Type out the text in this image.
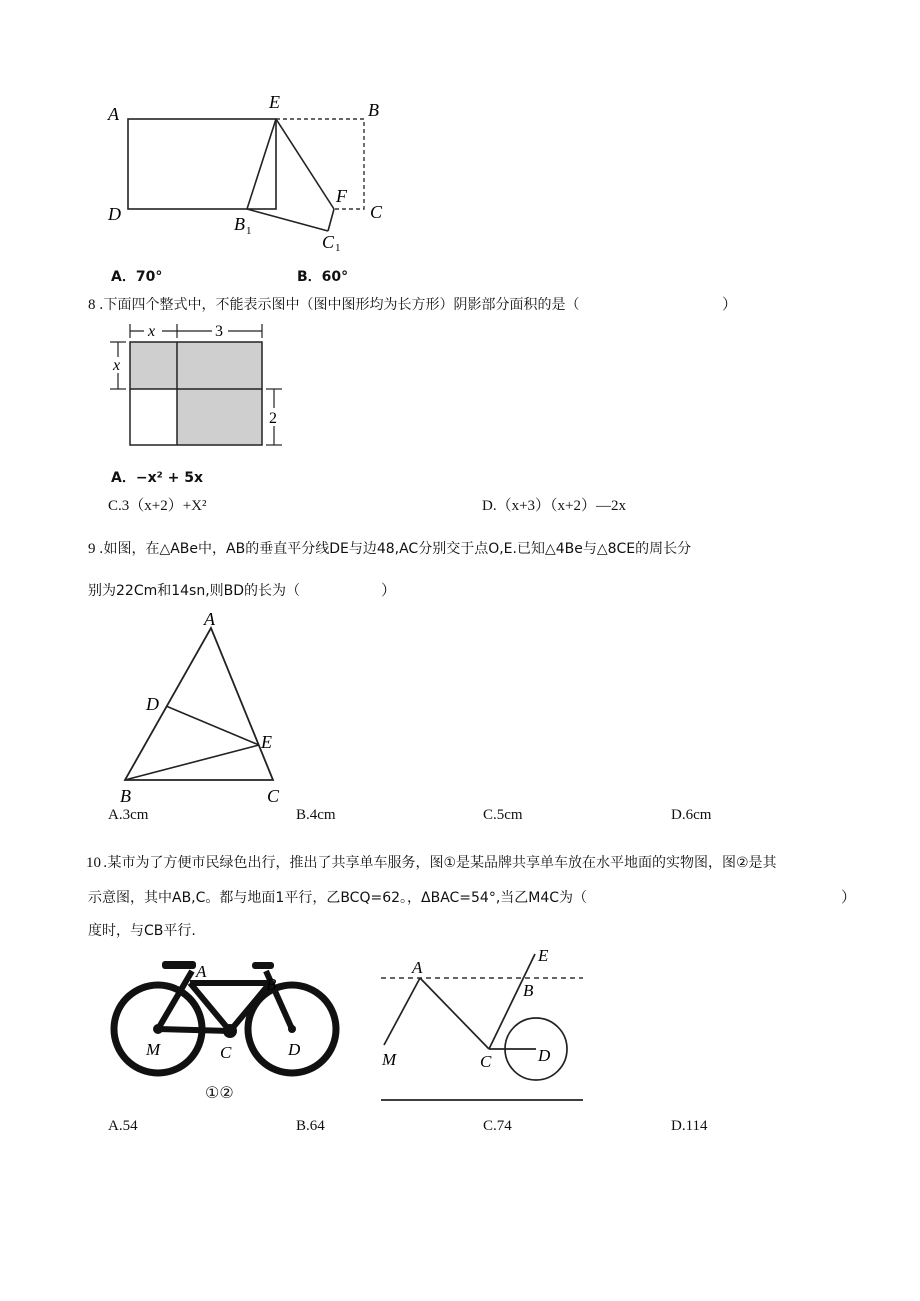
A
E	B
D
F
C
B 1
C 1
A．70°	B．60°
8 .下面四个整式中，不能表示图中（图中图形均为长方形）阴影部分面积的是（	）
x	3
x
2
A．−x² + 5x
C.3（x+2）+X²	D.（x+3）（x+2）—2x
9 .如图，在△ABe中，AB的垂直平分线DE与边48,AC分别交于点O,E.已知△4Be与△8CE的周长分
别为22Cm和14sn,则BD的长为（	）
A
D
E
B	C
A.3cm	B.4cm	C.5cm	D.6cm
10 .某市为了方便市民绿色出行，推出了共享单车服务，图①是某品牌共享单车放在水平地面的实物图，图②是其
示意图，其中AB,C。都与地面1平行，乙BCQ=62。，ΔBAC=54°,当乙M4C为（	）
度时，与CB平行.
A
B
M	C	D
①②
A
E
B
M	C	D
A.54	B.64	C.74	D.114
